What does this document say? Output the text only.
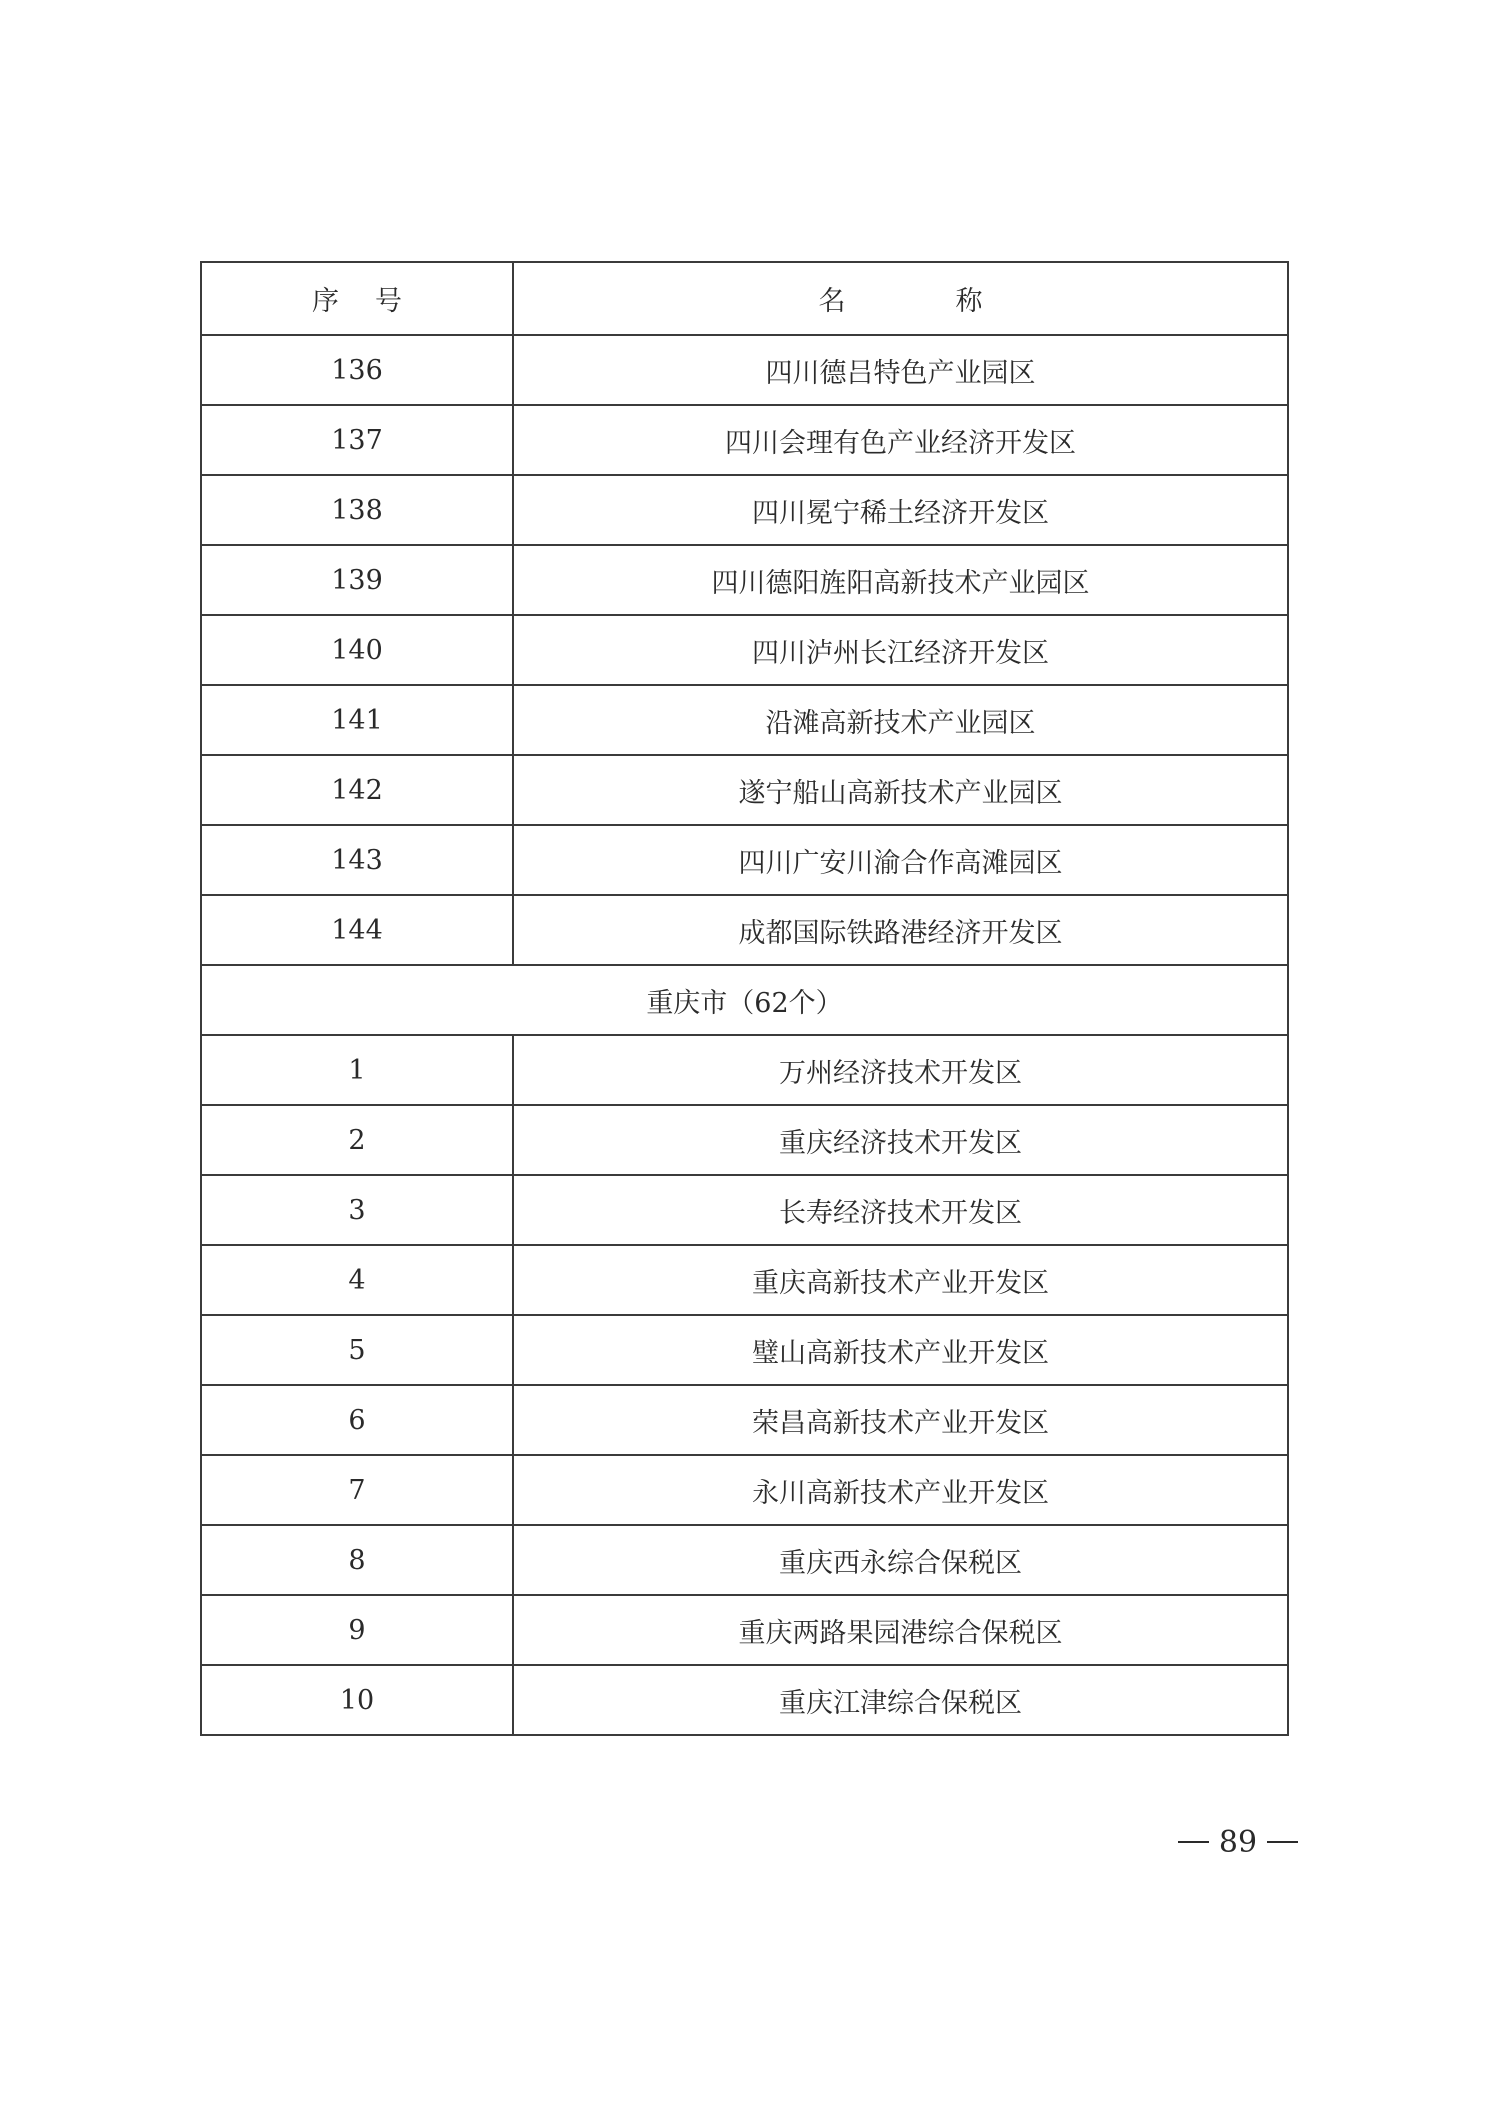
序号	名称
136	四川德吕特色产业园区
137	四川会理有色产业经济开发区
138	四川冕宁稀土经济开发区
139	四川德阳旌阳高新技术产业园区
140	四川泸州长江经济开发区
141	沿滩高新技术产业园区
142	遂宁船山高新技术产业园区
143	四川广安川渝合作高滩园区
144	成都国际铁路港经济开发区
重庆市（62个）	
1	万州经济技术开发区
2	重庆经济技术开发区
3	长寿经济技术开发区
4	重庆高新技术产业开发区
5	璧山高新技术产业开发区
6	荣昌高新技术产业开发区
7	永川高新技术产业开发区
8	重庆西永综合保税区
9	重庆两路果园港综合保税区
10	重庆江津综合保税区
89
